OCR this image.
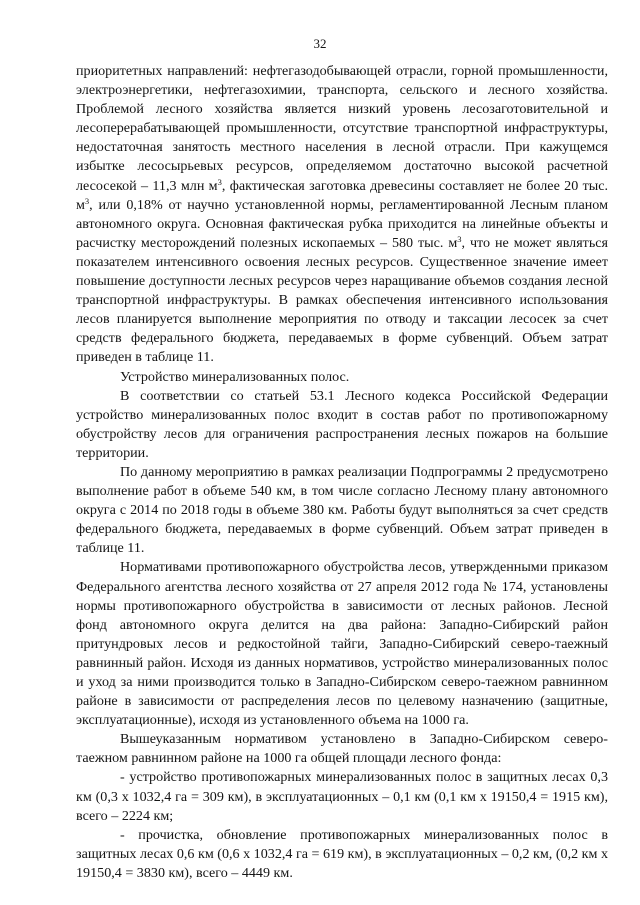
32

приоритетных направлений: нефтегазодобывающей отрасли, горной промышленности, электроэнергетики, нефтегазохимии, транспорта, сельского и лесного хозяйства. Проблемой лесного хозяйства является низкий уровень лесозаготовительной и лесоперерабатывающей промышленности, отсутствие транспортной инфраструктуры, недостаточная занятость местного населения в лесной отрасли. При кажущемся избытке лесосырьевых ресурсов, определяемом достаточно высокой расчетной лесосекой – 11,3 млн $м^3$, фактическая заготовка древесины составляет не более 20 тыс. $м^3$, или 0,18% от научно установленной нормы, регламентированной Лесным планом автономного округа. Основная фактическая рубка приходится на линейные объекты и расчистку месторождений полезных ископаемых – 580 тыс. $м^3$, что не может являться показателем интенсивного освоения лесных ресурсов. Существенное значение имеет повышение доступности лесных ресурсов через наращивание объемов создания лесной транспортной инфраструктуры. В рамках обеспечения интенсивного использования лесов планируется выполнение мероприятия по отводу и таксации лесосек за счет средств федерального бюджета, передаваемых в форме субвенций. Объем затрат приведен в таблице 11.

Устройство минерализованных полос.

В соответствии со статьей 53.1 Лесного кодекса Российской Федерации устройство минерализованных полос входит в состав работ по противопожарному обустройству лесов для ограничения распространения лесных пожаров на большие территории.

По данному мероприятию в рамках реализации Подпрограммы 2 предусмотрено выполнение работ в объеме 540 км, в том числе согласно Лесному плану автономного округа с 2014 по 2018 годы в объеме 380 км. Работы будут выполняться за счет средств федерального бюджета, передаваемых в форме субвенций. Объем затрат приведен в таблице 11.

Нормативами противопожарного обустройства лесов, утвержденными приказом Федерального агентства лесного хозяйства от 27 апреля 2012 года № 174, установлены нормы противопожарного обустройства в зависимости от лесных районов. Лесной фонд автономного округа делится на два района: Западно-Сибирский район притундровых лесов и редкостойной тайги, Западно-Сибирский северо-таежный равнинный район. Исходя из данных нормативов, устройство минерализованных полос и уход за ними производится только в Западно-Сибирском северо-таежном равнинном районе в зависимости от распределения лесов по целевому назначению (защитные, эксплуатационные), исходя из установленного объема на 1000 га.

Вышеуказанным нормативом установлено в Западно-Сибирском северо-таежном равнинном районе на 1000 га общей площади лесного фонда:

- устройство противопожарных минерализованных полос в защитных лесах 0,3 км (0,3 х 1032,4 га = 309 км), в эксплуатационных – 0,1 км (0,1 км х 19150,4 = 1915 км), всего – 2224 км;

- прочистка, обновление противопожарных минерализованных полос в защитных лесах 0,6 км (0,6 х 1032,4 га = 619 км), в эксплуатационных – 0,2 км, (0,2 км х 19150,4 = 3830 км), всего – 4449 км.
